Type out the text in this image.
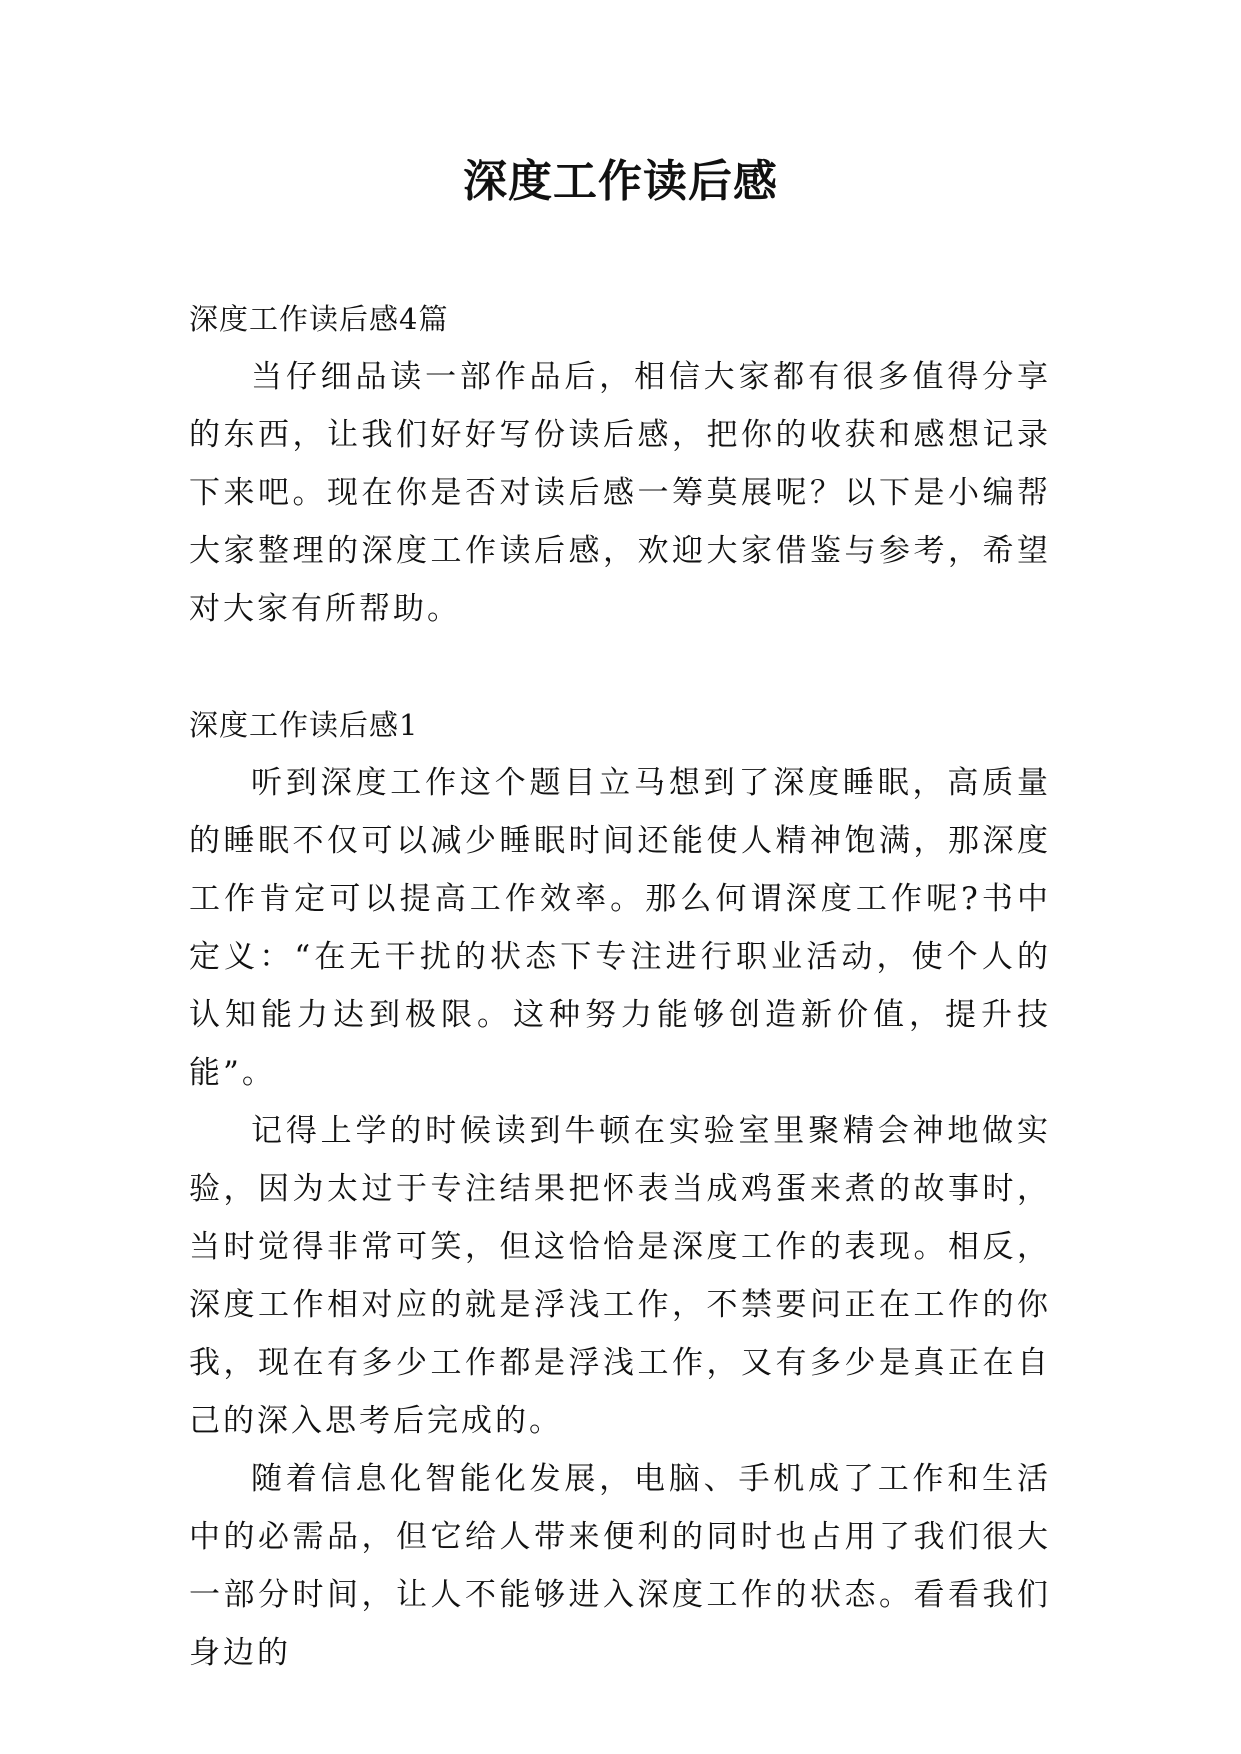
深度工作读后感

深度工作读后感4篇

当仔细品读一部作品后，相信大家都有很多值得分享的东西，让我们好好写份读后感，把你的收获和感想记录下来吧。现在你是否对读后感一筹莫展呢？以下是小编帮大家整理的深度工作读后感，欢迎大家借鉴与参考，希望对大家有所帮助。

深度工作读后感1

听到深度工作这个题目立马想到了深度睡眠，高质量的睡眠不仅可以减少睡眠时间还能使人精神饱满，那深度工作肯定可以提高工作效率。那么何谓深度工作呢?书中定义：“在无干扰的状态下专注进行职业活动，使个人的认知能力达到极限。这种努力能够创造新价值，提升技能”。

记得上学的时候读到牛顿在实验室里聚精会神地做实验，因为太过于专注结果把怀表当成鸡蛋来煮的故事时，当时觉得非常可笑，但这恰恰是深度工作的表现。相反，深度工作相对应的就是浮浅工作，不禁要问正在工作的你我，现在有多少工作都是浮浅工作，又有多少是真正在自己的深入思考后完成的。

随着信息化智能化发展，电脑、手机成了工作和生活中的必需品，但它给人带来便利的同时也占用了我们很大一部分时间，让人不能够进入深度工作的状态。看看我们身边的
